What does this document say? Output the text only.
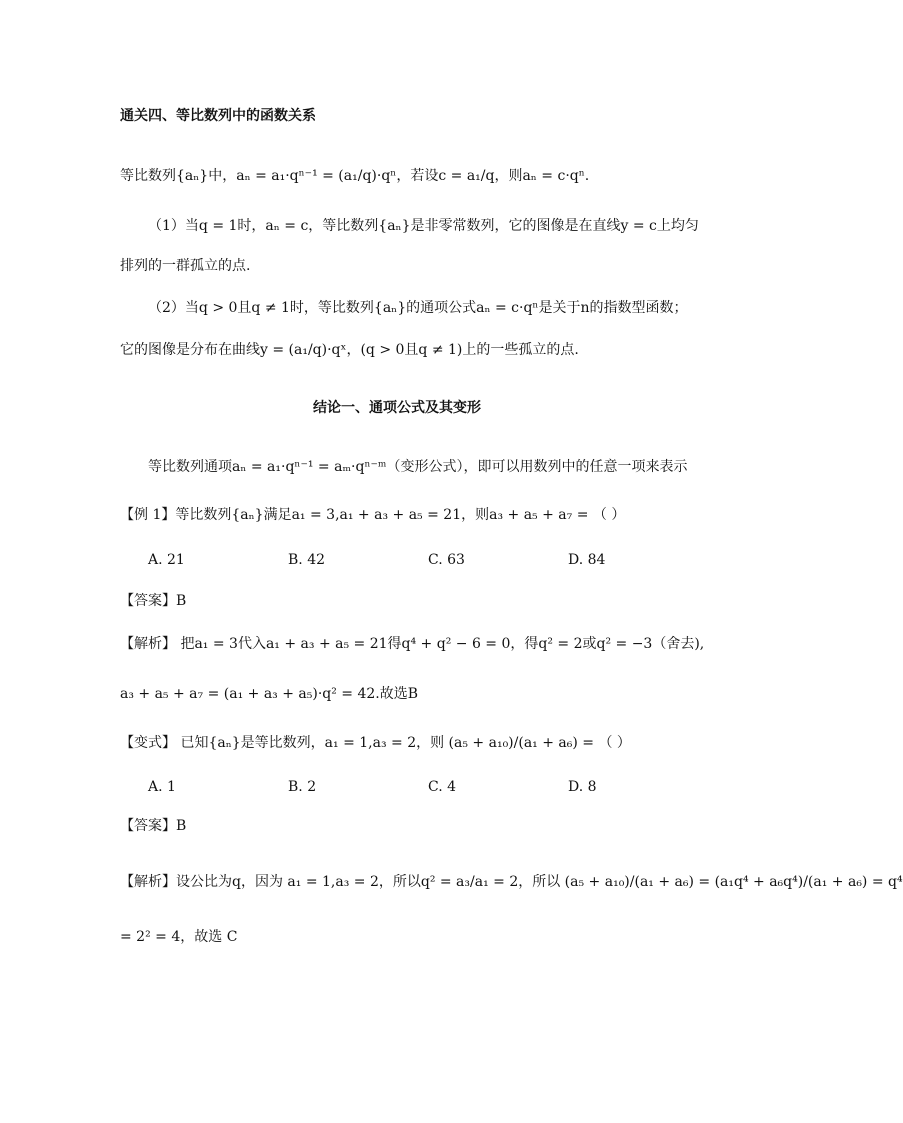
通关四、等比数列中的函数关系
等比数列{aₙ}中，aₙ = a₁·qⁿ⁻¹ = (a₁/q)·qⁿ，若设c = a₁/q，则aₙ = c·qⁿ.
（1）当q = 1时，aₙ = c，等比数列{aₙ}是非零常数列，它的图像是在直线y = c上均匀
排列的一群孤立的点.
（2）当q > 0且q ≠ 1时，等比数列{aₙ}的通项公式aₙ = c·qⁿ是关于n的指数型函数；
它的图像是分布在曲线y = (a₁/q)·qˣ，(q > 0且q ≠ 1)上的一些孤立的点.
结论一、通项公式及其变形
等比数列通项aₙ = a₁·qⁿ⁻¹ = aₘ·qⁿ⁻ᵐ（变形公式），即可以用数列中的任意一项来表示
【例 1】等比数列{aₙ}满足a₁ = 3,a₁ + a₃ + a₅ = 21，则a₃ + a₅ + a₇ = （ ）
A. 21	B. 42	C. 63	D. 84
【答案】B
【解析】 把a₁ = 3代入a₁ + a₃ + a₅ = 21得q⁴ + q² − 6 = 0，得q² = 2或q² = −3（舍去),
a₃ + a₅ + a₇ = (a₁ + a₃ + a₅)·q² = 42.故选B
【变式】 已知{aₙ}是等比数列，a₁ = 1,a₃ = 2，则 (a₅ + a₁₀)/(a₁ + a₆) = （ ）
A. 1	B. 2	C. 4	D. 8
【答案】B
【解析】设公比为q，因为 a₁ = 1,a₃ = 2，所以q² = a₃/a₁ = 2，所以 (a₅ + a₁₀)/(a₁ + a₆) = (a₁q⁴ + a₆q⁴)/(a₁ + a₆) = q⁴
= 2² = 4，故选 C
